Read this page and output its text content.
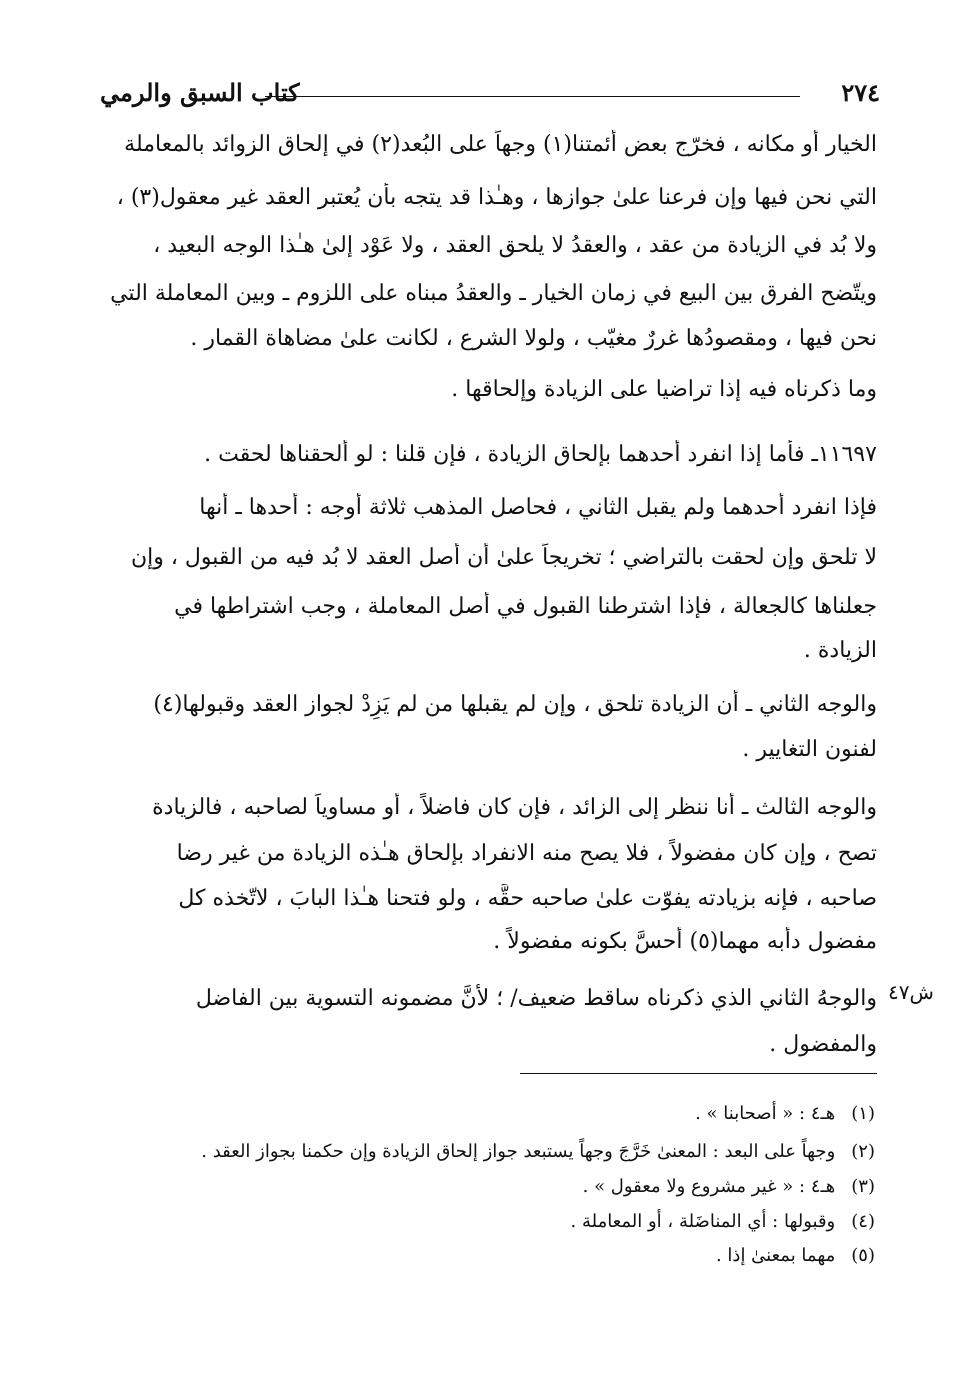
٢٧٤
كتاب السبق والرمي
الخيار أو مكانه ، فخرّج بعض أئمتنا(١) وجهاً على البُعد(٢) في إلحاق الزوائد بالمعاملة
التي نحن فيها وإن فرعنا علىٰ جوازها ، وهـٰذا قد يتجه بأن يُعتبر العقد غير معقول(٣) ،
ولا بُد في الزيادة من عقد ، والعقدُ لا يلحق العقد ، ولا عَوْد إلىٰ هـٰذا الوجه البعيد ،
ويتّضح الفرق بين البيع في زمان الخيار ـ والعقدُ مبناه على اللزوم ـ وبين المعاملة التي
نحن فيها ، ومقصودُها غررٌ مغيّب ، ولولا الشرع ، لكانت علىٰ مضاهاة القمار .
وما ذكرناه فيه إذا تراضيا على الزيادة وإلحاقها .
١١٦٩٧ـ فأما إذا انفرد أحدهما بإلحاق الزيادة ، فإن قلنا : لو ألحقناها لحقت .
فإذا انفرد أحدهما ولم يقبل الثاني ، فحاصل المذهب ثلاثة أوجه : أحدها ـ أنها
لا تلحق وإن لحقت بالتراضي ؛ تخريجاً علىٰ أن أصل العقد لا بُد فيه من القبول ، وإن
جعلناها كالجعالة ، فإذا اشترطنا القبول في أصل المعاملة ، وجب اشتراطها في
الزيادة .
والوجه الثاني ـ أن الزيادة تلحق ، وإن لم يقبلها من لم يَزِدْ لجواز العقد وقبولها(٤)
لفنون التغايير .
والوجه الثالث ـ أنا ننظر إلى الزائد ، فإن كان فاضلاً ، أو مساوياً لصاحبه ، فالزيادة
تصح ، وإن كان مفضولاً ، فلا يصح منه الانفراد بإلحاق هـٰذه الزيادة من غير رضا
صاحبه ، فإنه بزيادته يفوّت علىٰ صاحبه حقَّه ، ولو فتحنا هـٰذا البابَ ، لاتّخذه كل
مفضول دأبه مهما(٥) أحسَّ بكونه مفضولاً .
والوجهُ الثاني الذي ذكرناه ساقط ضعيف/ ؛ لأنَّ مضمونه التسوية بين الفاضل
والمفضول .
ش٤٧
(١) هـ٤ : « أصحابنا » .
(٢) وجهاً على البعد : المعنىٰ خَرَّجَ وجهاً يستبعد جواز إلحاق الزيادة وإن حكمنا بجواز العقد .
(٣) هـ٤ : « غير مشروع ولا معقول » .
(٤) وقبولها : أي المناضَلة ، أو المعاملة .
(٥) مهما بمعنىٰ إذا .
